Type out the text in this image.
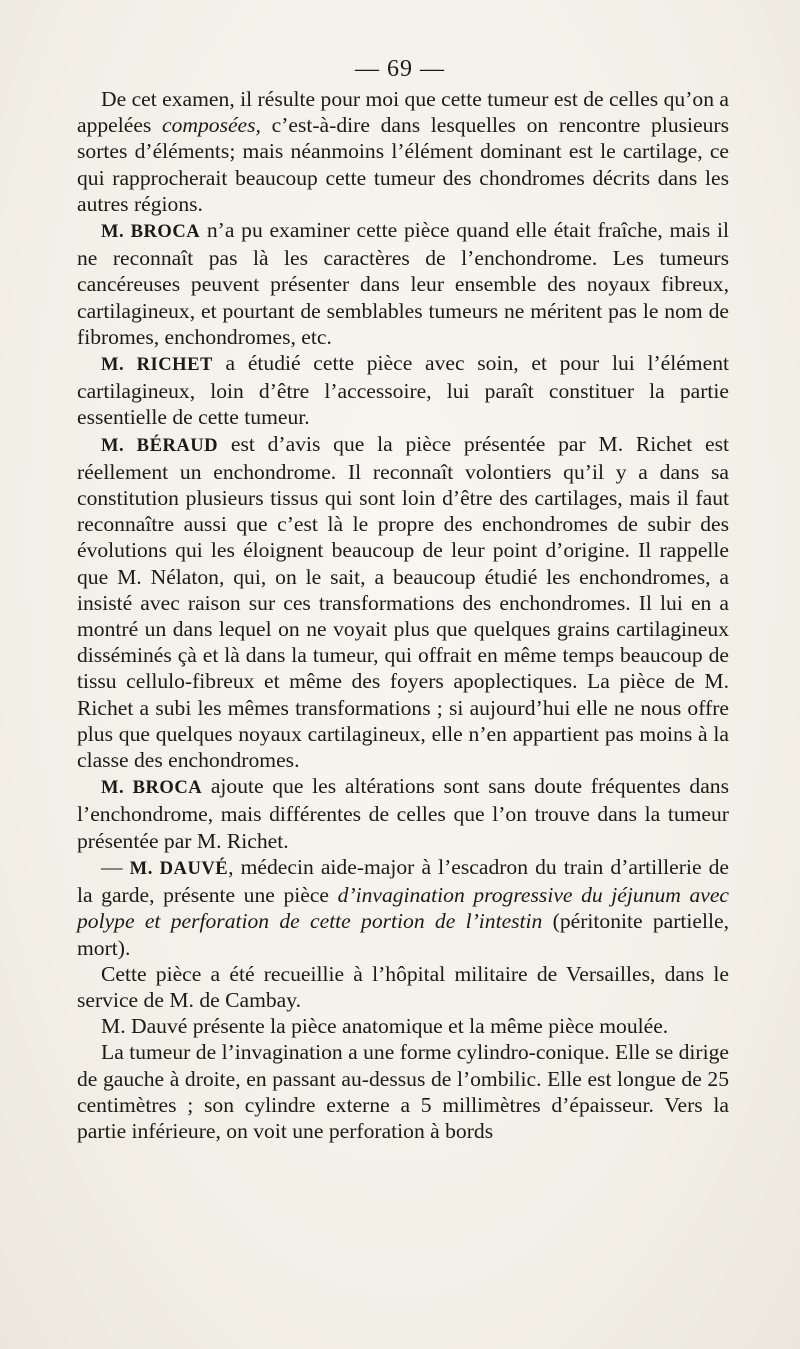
— 69 —

De cet examen, il résulte pour moi que cette tumeur est de celles qu’on a appelées composées, c’est-à-dire dans lesquelles on rencontre plusieurs sortes d’éléments; mais néanmoins l’élément dominant est le cartilage, ce qui rapprocherait beaucoup cette tumeur des chondromes décrits dans les autres régions.

M. BROCA n’a pu examiner cette pièce quand elle était fraîche, mais il ne reconnaît pas là les caractères de l’enchondrome. Les tumeurs cancéreuses peuvent présenter dans leur ensemble des noyaux fibreux, cartilagineux, et pourtant de semblables tumeurs ne méritent pas le nom de fibromes, enchondromes, etc.

M. RICHET a étudié cette pièce avec soin, et pour lui l’élément cartilagineux, loin d’être l’accessoire, lui paraît constituer la partie essentielle de cette tumeur.

M. BÉRAUD est d’avis que la pièce présentée par M. Richet est réellement un enchondrome. Il reconnaît volontiers qu’il y a dans sa constitution plusieurs tissus qui sont loin d’être des cartilages, mais il faut reconnaître aussi que c’est là le propre des enchondromes de subir des évolutions qui les éloignent beaucoup de leur point d’origine. Il rappelle que M. Nélaton, qui, on le sait, a beaucoup étudié les enchondromes, a insisté avec raison sur ces transformations des enchondromes. Il lui en a montré un dans lequel on ne voyait plus que quelques grains cartilagineux disséminés çà et là dans la tumeur, qui offrait en même temps beaucoup de tissu cellulo-fibreux et même des foyers apoplectiques. La pièce de M. Richet a subi les mêmes transformations ; si aujourd’hui elle ne nous offre plus que quelques noyaux cartilagineux, elle n’en appartient pas moins à la classe des enchondromes.

M. BROCA ajoute que les altérations sont sans doute fréquentes dans l’enchondrome, mais différentes de celles que l’on trouve dans la tumeur présentée par M. Richet.

— M. DAUVÉ, médecin aide-major à l’escadron du train d’artillerie de la garde, présente une pièce d’invagination progressive du jéjunum avec polype et perforation de cette portion de l’intestin (péritonite partielle, mort).

Cette pièce a été recueillie à l’hôpital militaire de Versailles, dans le service de M. de Cambay.

M. Dauvé présente la pièce anatomique et la même pièce moulée.

La tumeur de l’invagination a une forme cylindro-conique. Elle se dirige de gauche à droite, en passant au-dessus de l’ombilic. Elle est longue de 25 centimètres ; son cylindre externe a 5 millimètres d’épaisseur. Vers la partie inférieure, on voit une perforation à bords
